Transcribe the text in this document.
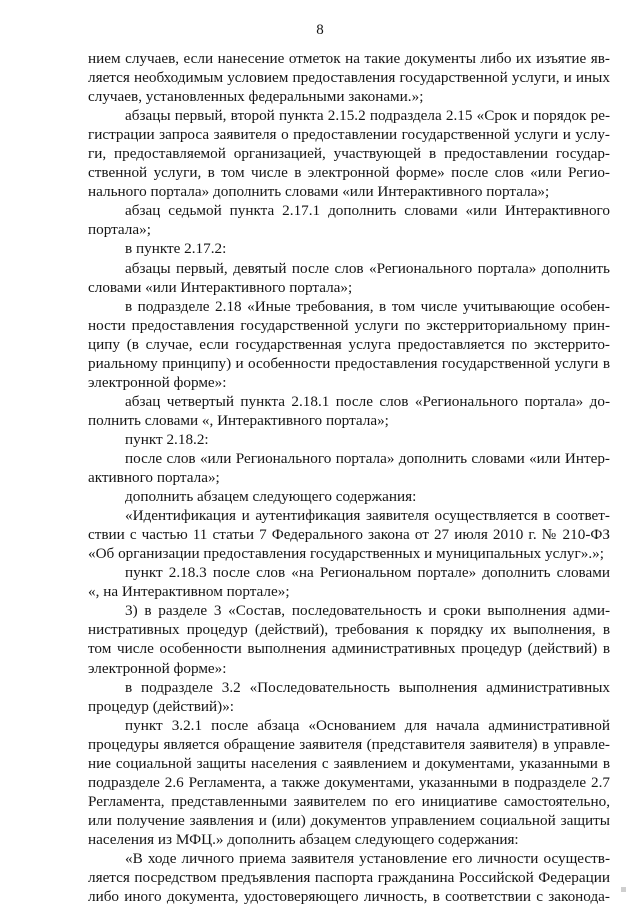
8
нием случаев, если нанесение отметок на такие документы либо их изъятие яв-
ляется необходимым условием предоставления государственной услуги, и иных
случаев, установленных федеральными законами.»;
абзацы первый, второй пункта 2.15.2 подраздела 2.15 «Срок и порядок ре-
гистрации запроса заявителя о предоставлении государственной услуги и услу-
ги, предоставляемой организацией, участвующей в предоставлении государ-
ственной услуги, в том числе в электронной форме» после слов «или Регио-
нального портала» дополнить словами «или Интерактивного портала»;
абзац седьмой пункта 2.17.1 дополнить словами «или Интерактивного
портала»;
в пункте 2.17.2:
абзацы первый, девятый после слов «Регионального портала» дополнить
словами «или Интерактивного портала»;
в подразделе 2.18 «Иные требования, в том числе учитывающие особен-
ности предоставления государственной услуги по экстерриториальному прин-
ципу (в случае, если государственная услуга предоставляется по экстеррито-
риальному принципу) и особенности предоставления государственной услуги в
электронной форме»:
абзац четвертый пункта 2.18.1 после слов «Регионального портала» до-
полнить словами «, Интерактивного портала»;
пункт 2.18.2:
после слов «или Регионального портала» дополнить словами «или Интер-
активного портала»;
дополнить абзацем следующего содержания:
«Идентификация и аутентификация заявителя осуществляется в соответ-
ствии с частью 11 статьи 7 Федерального закона от 27 июля 2010 г. № 210-ФЗ
«Об организации предоставления государственных и муниципальных услуг».»;
пункт 2.18.3 после слов «на Региональном портале» дополнить словами
«, на Интерактивном портале»;
3) в разделе 3 «Состав, последовательность и сроки выполнения адми-
нистративных процедур (действий), требования к порядку их выполнения, в
том числе особенности выполнения административных процедур (действий) в
электронной форме»:
в подразделе 3.2 «Последовательность выполнения административных
процедур (действий)»:
пункт 3.2.1 после абзаца «Основанием для начала административной
процедуры является обращение заявителя (представителя заявителя) в управле-
ние социальной защиты населения с заявлением и документами, указанными в
подразделе 2.6 Регламента, а также документами, указанными в подразделе 2.7
Регламента, представленными заявителем по его инициативе самостоятельно,
или получение заявления и (или) документов управлением социальной защиты
населения из МФЦ.» дополнить абзацем следующего содержания:
«В ходе личного приема заявителя установление его личности осуществ-
ляется посредством предъявления паспорта гражданина Российской Федерации
либо иного документа, удостоверяющего личность, в соответствии с законода-
